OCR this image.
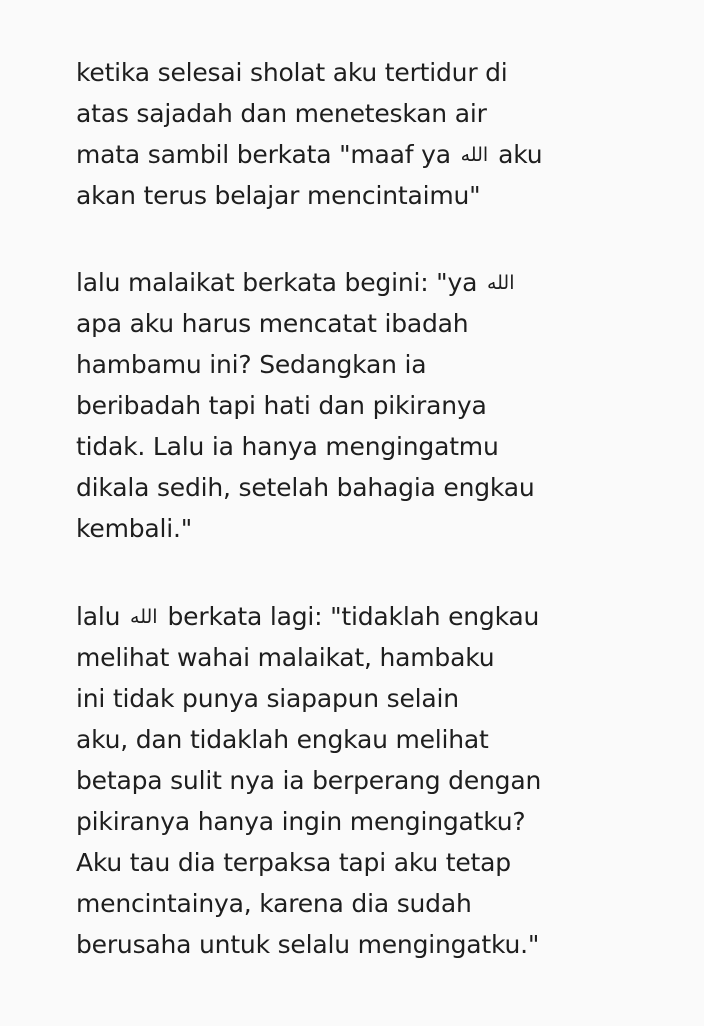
ketika selesai sholat aku tertidur di
atas sajadah dan meneteskan air
mata sambil berkata "maaf ya الله aku
akan terus belajar mencintaimu"

lalu malaikat berkata begini: "ya الله
apa aku harus mencatat ibadah
hambamu ini? Sedangkan ia
beribadah tapi hati dan pikiranya
tidak. Lalu ia hanya mengingatmu
dikala sedih, setelah bahagia engkau
kembali."

lalu الله berkata lagi: "tidaklah engkau
melihat wahai malaikat, hambaku
ini tidak punya siapapun selain
aku, dan tidaklah engkau melihat
betapa sulit nya ia berperang dengan
pikiranya hanya ingin mengingatku?
Aku tau dia terpaksa tapi aku tetap
mencintainya, karena dia sudah
berusaha untuk selalu mengingatku."
